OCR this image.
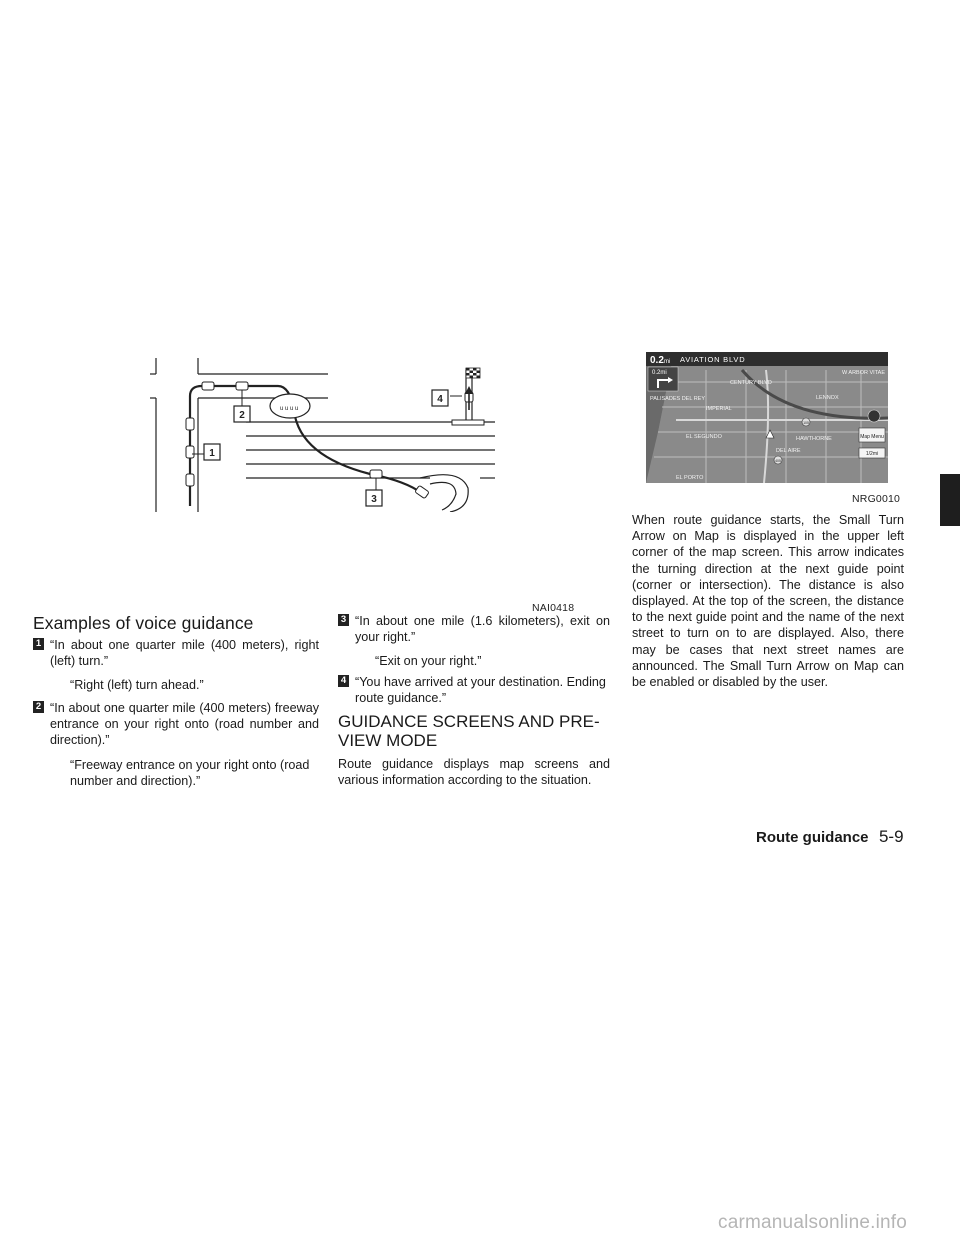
u u u u
1
2
3
4
NAI0418
0.2 mi AVIATION BLVD
0.2mi
PALISADES DEL REY	LENNOX
EL SEGUNDO	HAWTHORNE
DEL AIRE
EL PORTO
W ARBOR VITAE
CENTURY BLVD
IMPERIAL
105
405
Map Menu
1/2mi
NRG0010
Examples of voice guidance
1 “In about one quarter mile (400 meters), right (left) turn.”
“Right (left) turn ahead.”
2 “In about one quarter mile (400 meters) freeway entrance on your right onto (road number and direction).”
“Freeway entrance on your right onto (road number and direction).”
3 “In about one mile (1.6 kilometers), exit on your right.”
“Exit on your right.”
4 “You have arrived at your destination. Ending route guidance.”
GUIDANCE SCREENS AND PRE-
VIEW MODE
Route guidance displays map screens and various information according to the situation.
When route guidance starts, the Small Turn Arrow on Map is displayed in the upper left corner of the map screen. This arrow indicates the turning direction at the next guide point (corner or intersection). The distance is also displayed. At the top of the screen, the distance to the next guide point and the name of the next street to turn on to are displayed. Also, there may be cases that next street names are announced. The Small Turn Arrow on Map can be enabled or disabled by the user.
Route guidance 5-9
carmanualsonline.info
